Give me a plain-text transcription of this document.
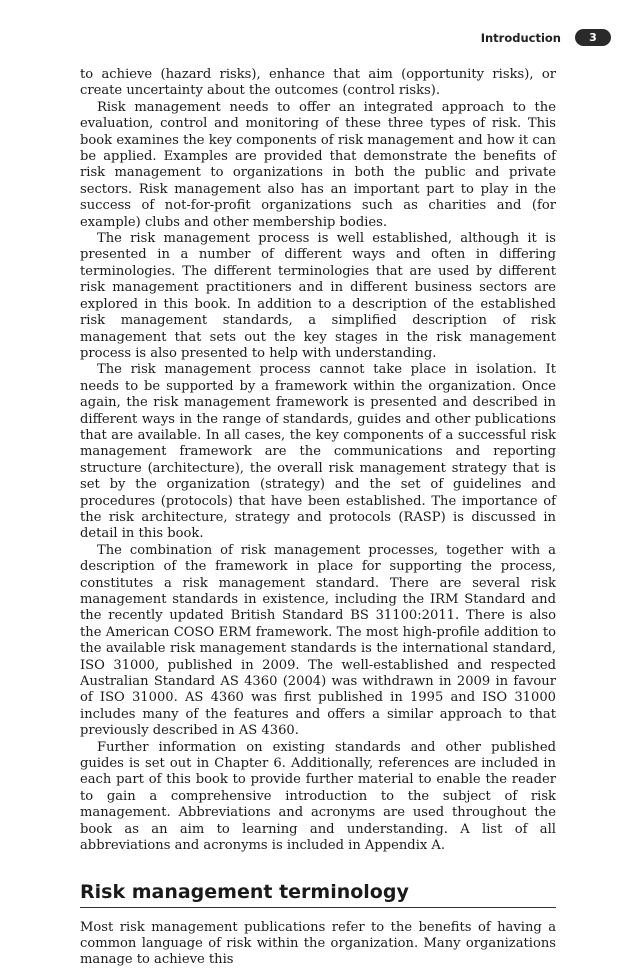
Introduction	3

to achieve (hazard risks), enhance that aim (opportunity risks), or create uncertainty about the outcomes (control risks).

Risk management needs to offer an integrated approach to the evaluation, control and monitoring of these three types of risk. This book examines the key components of risk management and how it can be applied. Examples are provided that demonstrate the benefits of risk management to organizations in both the public and private sectors. Risk management also has an important part to play in the success of not-for-profit organizations such as charities and (for example) clubs and other membership bodies.

The risk management process is well established, although it is presented in a number of different ways and often in differing terminologies. The different terminologies that are used by different risk management practitioners and in different business sectors are explored in this book. In addition to a description of the established risk management standards, a simplified description of risk management that sets out the key stages in the risk management process is also presented to help with understanding.

The risk management process cannot take place in isolation. It needs to be supported by a framework within the organization. Once again, the risk management framework is presented and described in different ways in the range of standards, guides and other publications that are available. In all cases, the key components of a successful risk management framework are the communications and reporting structure (architecture), the overall risk management strategy that is set by the organization (strategy) and the set of guidelines and procedures (protocols) that have been established. The importance of the risk architecture, strategy and protocols (RASP) is discussed in detail in this book.

The combination of risk management processes, together with a description of the framework in place for supporting the process, constitutes a risk management standard. There are several risk management standards in existence, including the IRM Standard and the recently updated British Standard BS 31100:2011. There is also the American COSO ERM framework. The most high-profile addition to the available risk management standards is the international standard, ISO 31000, published in 2009. The well-established and respected Australian Standard AS 4360 (2004) was withdrawn in 2009 in favour of ISO 31000. AS 4360 was first published in 1995 and ISO 31000 includes many of the features and offers a similar approach to that previously described in AS 4360.

Further information on existing standards and other published guides is set out in Chapter 6. Additionally, references are included in each part of this book to provide further material to enable the reader to gain a comprehensive introduction to the subject of risk management. Abbreviations and acronyms are used throughout the book as an aim to learning and understanding. A list of all abbreviations and acronyms is included in Appendix A.

Risk management terminology

Most risk management publications refer to the benefits of having a common language of risk within the organization. Many organizations manage to achieve this
